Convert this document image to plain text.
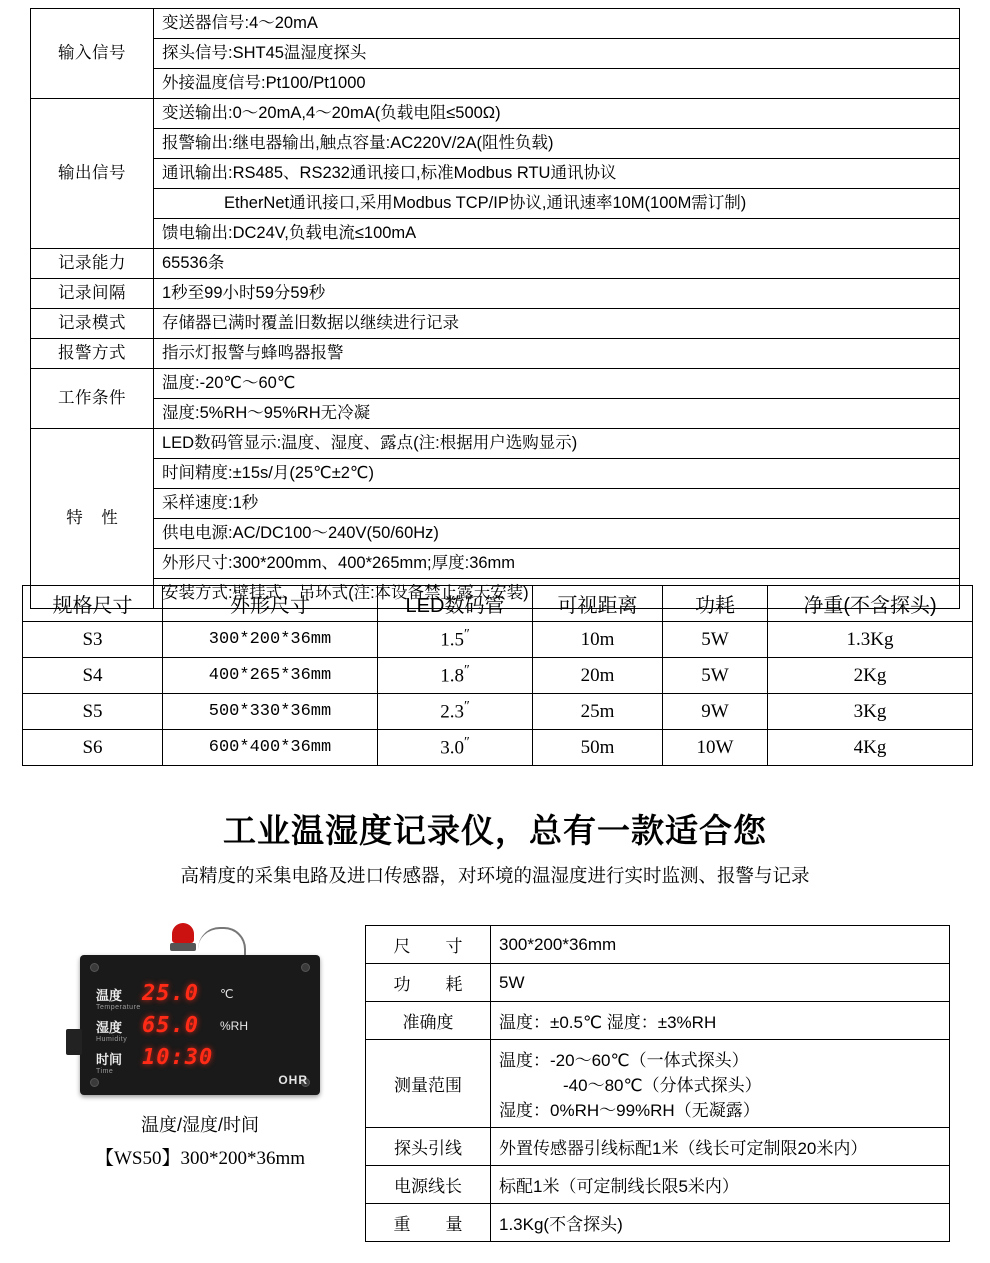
输入信号	变送器信号:4～20mA
	探头信号:SHT45温湿度探头
	外接温度信号:Pt100/Pt1000
输出信号	变送输出:0～20mA,4～20mA(负载电阻≤500Ω)
	报警输出:继电器输出,触点容量:AC220V/2A(阻性负载)
	通讯输出:RS485、RS232通讯接口,标准Modbus RTU通讯协议
	EtherNet通讯接口,采用Modbus TCP/IP协议,通讯速率10M(100M需订制)
	馈电输出:DC24V,负载电流≤100mA
记录能力	65536条
记录间隔	1秒至99小时59分59秒
记录模式	存储器已满时覆盖旧数据以继续进行记录
报警方式	指示灯报警与蜂鸣器报警
工作条件	温度:-20℃～60℃
	湿度:5%RH～95%RH无冷凝
特 性	LED数码管显示:温度、湿度、露点(注:根据用户选购显示)
	时间精度:±15s/月(25℃±2℃)
	采样速度:1秒
	供电电源:AC/DC100～240V(50/60Hz)
	外形尺寸:300*200mm、400*265mm;厚度:36mm
	安装方式:壁挂式、吊环式(注:本设备禁止露天安装)
规格尺寸	外形尺寸	LED数码管	可视距离	功耗	净重(不含探头)
S3	300*200*36mm	1.5″	10m	5W	1.3Kg
S4	400*265*36mm	1.8″	20m	5W	2Kg
S5	500*330*36mm	2.3″	25m	9W	3Kg
S6	600*400*36mm	3.0″	50m	10W	4Kg
工业温湿度记录仪，总有一款适合您
高精度的采集电路及进口传感器，对环境的温湿度进行实时监测、报警与记录
温度
Temperature
25.0 ℃
湿度
Humidity
65.0 %RH
时间
Time
10:30
OHR
温度/湿度/时间
【WS50】300*200*36mm
尺　寸	300*200*36mm
功　耗	5W
准确度	温度：±0.5℃ 湿度：±3%RH
测量范围	温度：-20～60℃（一体式探头）
-40～80℃（分体式探头）
湿度：0%RH～99%RH（无凝露）

探头引线	外置传感器引线标配1米（线长可定制限20米内）
电源线长	标配1米（可定制线长限5米内）
重　量	1.3Kg(不含探头)
